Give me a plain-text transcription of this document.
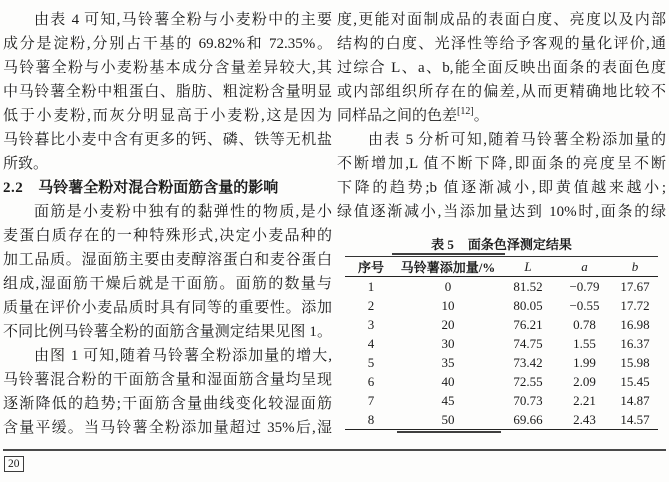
由表 4 可知,马铃薯全粉与小麦粉中的主要
成分是淀粉,分别占干基的 69.82%和 72.35%。
马铃薯全粉与小麦粉基本成分含量差异较大,其
中马铃薯全粉中粗蛋白、脂肪、粗淀粉含量明显
低于小麦粉,而灰分明显高于小麦粉,这是因为
马铃暮比小麦中含有更多的钙、磷、铁等无机盐
所致。
2.2 马铃薯全粉对混合粉面筋含量的影响
面筋是小麦粉中独有的黏弹性的物质,是小
麦蛋白质存在的一种特殊形式,决定小麦品种的
加工品质。湿面筋主要由麦醇溶蛋白和麦谷蛋白
组成,湿面筋干燥后就是干面筋。面筋的数量与
质量在评价小麦品质时具有同等的重要性。添加
不同比例马铃薯全粉的面筋含量测定结果见图 1。
由图 1 可知,随着马铃薯全粉添加量的增大,
马铃薯混合粉的干面筋含量和湿面筋含量均呈现
逐渐降低的趋势;干面筋含量曲线变化较湿面筋
含量平缓。当马铃薯全粉添加量超过 35%后,湿
度,更能对面制成品的表面白度、亮度以及内部
结构的白度、光泽性等给予客观的量化评价,通
过综合 L、a、b,能全面反映出面条的表面色度
或内部组织所存在的偏差,从而更精确地比较不
同样品之间的色差[12]。
由表 5 分析可知,随着马铃薯全粉添加量的
不断增加,L 值不断下降,即面条的亮度呈不断
下降的趋势;b 值逐渐减小,即黄值越来越小;
绿值逐渐减小,当添加量达到 10%时,面条的绿
表 5 面条色泽测定结果
序号	马铃薯添加量/%	L	a	b
1	0	81.52	−0.79	17.67
2	10	80.05	−0.55	17.72
3	20	76.21	0.78	16.98
4	30	74.75	1.55	16.37
5	35	73.42	1.99	15.98
6	40	72.55	2.09	15.45
7	45	70.73	2.21	14.87
8	50	69.66	2.43	14.57
20
